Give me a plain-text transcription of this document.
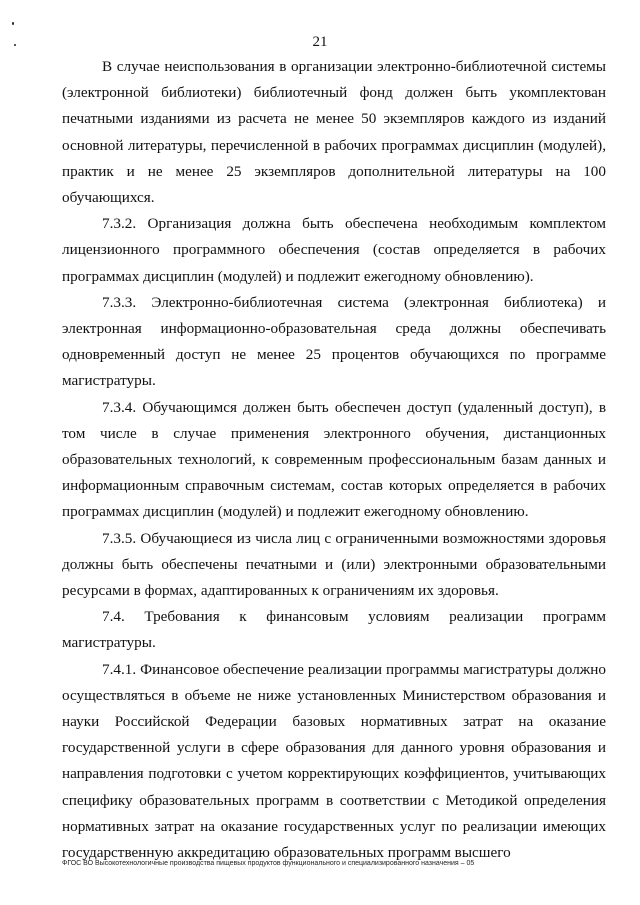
21

В случае неиспользования в организации электронно-библиотечной системы (электронной библиотеки) библиотечный фонд должен быть укомплектован печатными изданиями из расчета не менее 50 экземпляров каждого из изданий основной литературы, перечисленной в рабочих программах дисциплин (модулей), практик и не менее 25 экземпляров дополнительной литературы на 100 обучающихся.

7.3.2. Организация должна быть обеспечена необходимым комплектом лицензионного программного обеспечения (состав определяется в рабочих программах дисциплин (модулей) и подлежит ежегодному обновлению).

7.3.3. Электронно-библиотечная система (электронная библиотека) и электронная информационно-образовательная среда должны обеспечивать одновременный доступ не менее 25 процентов обучающихся по программе магистратуры.

7.3.4. Обучающимся должен быть обеспечен доступ (удаленный доступ), в том числе в случае применения электронного обучения, дистанционных образовательных технологий, к современным профессиональным базам данных и информационным справочным системам, состав которых определяется в рабочих программах дисциплин (модулей) и подлежит ежегодному обновлению.

7.3.5. Обучающиеся из числа лиц с ограниченными возможностями здоровья должны быть обеспечены печатными и (или) электронными образовательными ресурсами в формах, адаптированных к ограничениям их здоровья.

7.4. Требования к финансовым условиям реализации программ магистратуры.

7.4.1. Финансовое обеспечение реализации программы магистратуры должно осуществляться в объеме не ниже установленных Министерством образования и науки Российской Федерации базовых нормативных затрат на оказание государственной услуги в сфере образования для данного уровня образования и направления подготовки с учетом корректирующих коэффициентов, учитывающих специфику образовательных программ в соответствии с Методикой определения нормативных затрат на оказание государственных услуг по реализации имеющих государственную аккредитацию образовательных программ высшего

ФГОС ВО Высокотехнологичные производства пищевых продуктов функционального и специализированного назначения – 05
